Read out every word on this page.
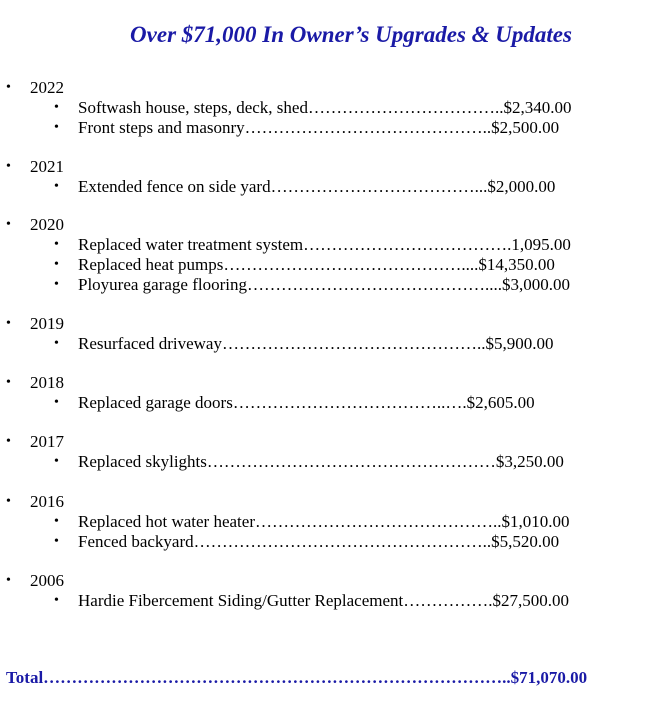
Over $71,000 In Owner’s Upgrades & Updates
• 2022
• Softwash house, steps, deck, shed……………………………..$2,340.00
• Front steps and masonry……………………………………..$2,500.00
• 2021
• Extended fence on side yard………………………………...$2,000.00
• 2020
• Replaced water treatment system……………………………….1,095.00
• Replaced heat pumps……………………………………....$14,350.00
• Ployurea garage flooring……………………………………....$3,000.00
• 2019
• Resurfaced driveway………………………………………..$5,900.00
• 2018
• Replaced garage doors………………………………..….$2,605.00
• 2017
• Replaced skylights……………………………………………$3,250.00
• 2016
• Replaced hot water heater……………………………………..$1,010.00
• Fenced backyard……………………………………………..$5,520.00
• 2006
• Hardie Fibercement Siding/Gutter Replacement…………….$27,500.00
Total………………………………………………………………………..$71,070.00
